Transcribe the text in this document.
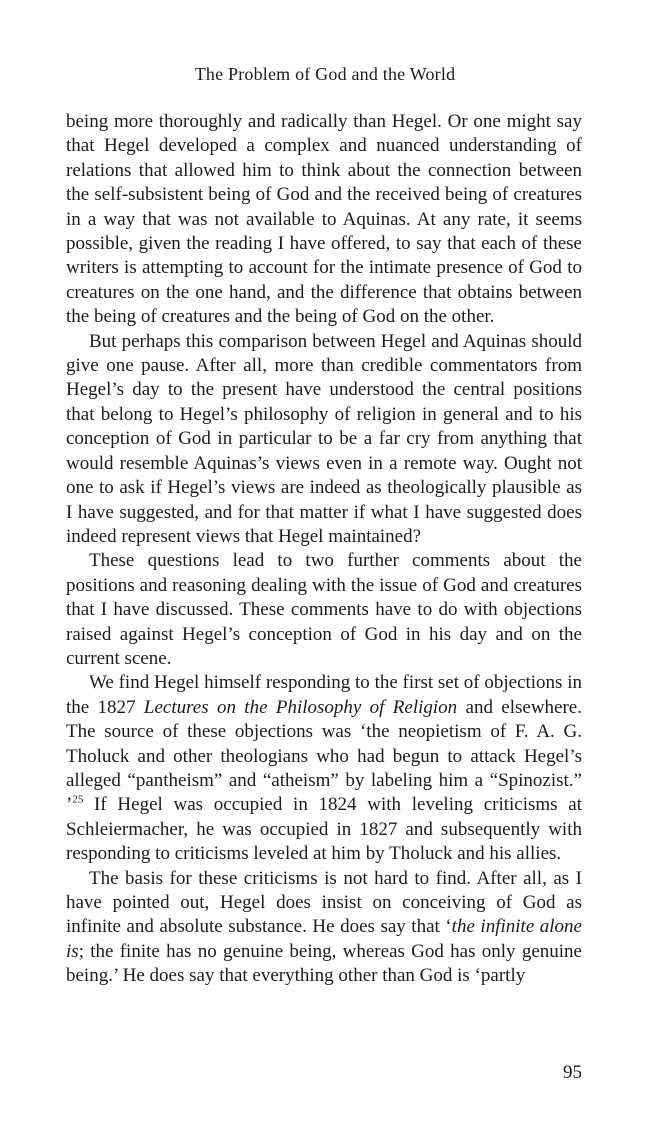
The Problem of God and the World

being more thoroughly and radically than Hegel. Or one might say that Hegel developed a complex and nuanced understanding of relations that allowed him to think about the connection between the self-subsistent being of God and the received being of creatures in a way that was not available to Aquinas. At any rate, it seems possible, given the reading I have offered, to say that each of these writers is attempting to account for the intimate presence of God to creatures on the one hand, and the difference that obtains between the being of creatures and the being of God on the other.

But perhaps this comparison between Hegel and Aquinas should give one pause. After all, more than credible commentators from Hegel’s day to the present have understood the central positions that belong to Hegel’s philosophy of religion in general and to his conception of God in particular to be a far cry from anything that would resemble Aquinas’s views even in a remote way. Ought not one to ask if Hegel’s views are indeed as theologically plausible as I have suggested, and for that matter if what I have suggested does indeed represent views that Hegel maintained?

These questions lead to two further comments about the positions and reasoning dealing with the issue of God and creatures that I have discussed. These comments have to do with objections raised against Hegel’s conception of God in his day and on the current scene.

We find Hegel himself responding to the first set of objections in the 1827 Lectures on the Philosophy of Religion and elsewhere. The source of these objections was ‘the neopietism of F. A. G. Tholuck and other theologians who had begun to attack Hegel’s alleged “pantheism” and “atheism” by labeling him a “Spinozist.” ’$^{25}$ If Hegel was occupied in 1824 with leveling criticisms at Schleiermacher, he was occupied in 1827 and subsequently with responding to criticisms leveled at him by Tholuck and his allies.

The basis for these criticisms is not hard to find. After all, as I have pointed out, Hegel does insist on conceiving of God as infinite and absolute substance. He does say that ‘the infinite alone is; the finite has no genuine being, whereas God has only genuine being.’ He does say that everything other than God is ‘partly

95
